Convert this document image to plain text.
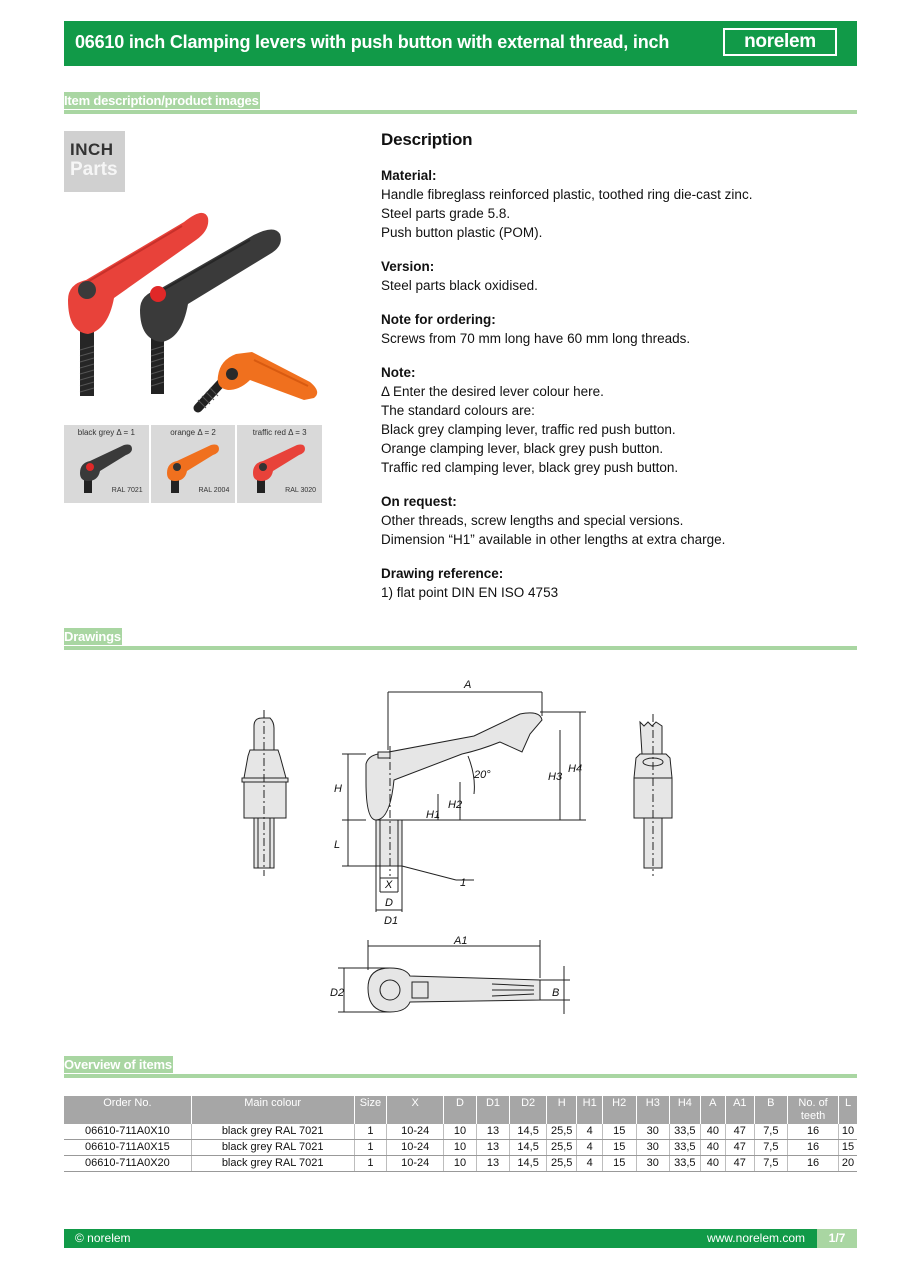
06610 inch Clamping levers with push button with external thread, inch	norelem
Item description/product images
INCH
Parts
black grey Δ = 1
RAL 7021
orange Δ = 2
RAL 2004
traffic red Δ = 3
RAL 3020
Description
Material:
Handle fibreglass reinforced plastic, toothed ring die-cast zinc.
Steel parts grade 5.8.
Push button plastic (POM).
Version:
Steel parts black oxidised.
Note for ordering:
Screws from 70 mm long have 60 mm long threads.
Note:
Δ Enter the desired lever colour here.
The standard colours are:
Black grey clamping lever, traffic red push button.
Orange clamping lever, black grey push button.
Traffic red clamping lever, black grey push button.
On request:
Other threads, screw lengths and special versions.
Dimension “H1” available in other lengths at extra charge.
Drawing reference:
1) flat point DIN EN ISO 4753
Drawings
A
H
L
H1
H2
H3
H4
20°
X
D
D1
1
A1
D2	B
Overview of items
Order No.	Main colour	Size	X	D	D1	D2	H	H1	H2	H3	H4	A	A1	B	No. of teeth	L
06610-711A0X10	black grey RAL 7021	1	10-24	10	13	14,5	25,5	4	15	30	33,5	40	47	7,5	16	10
06610-711A0X15	black grey RAL 7021	1	10-24	10	13	14,5	25,5	4	15	30	33,5	40	47	7,5	16	15
06610-711A0X20	black grey RAL 7021	1	10-24	10	13	14,5	25,5	4	15	30	33,5	40	47	7,5	16	20
© norelem	www.norelem.com	1/7
